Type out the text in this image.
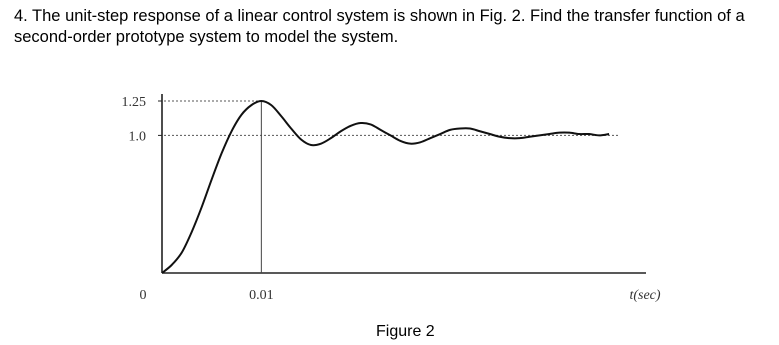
4. The unit-step response of a linear control system is shown in Fig. 2. Find the transfer function of a
second-order prototype system to model the system.

1.25
1.0
0	0.01	t(sec)

Figure 2
